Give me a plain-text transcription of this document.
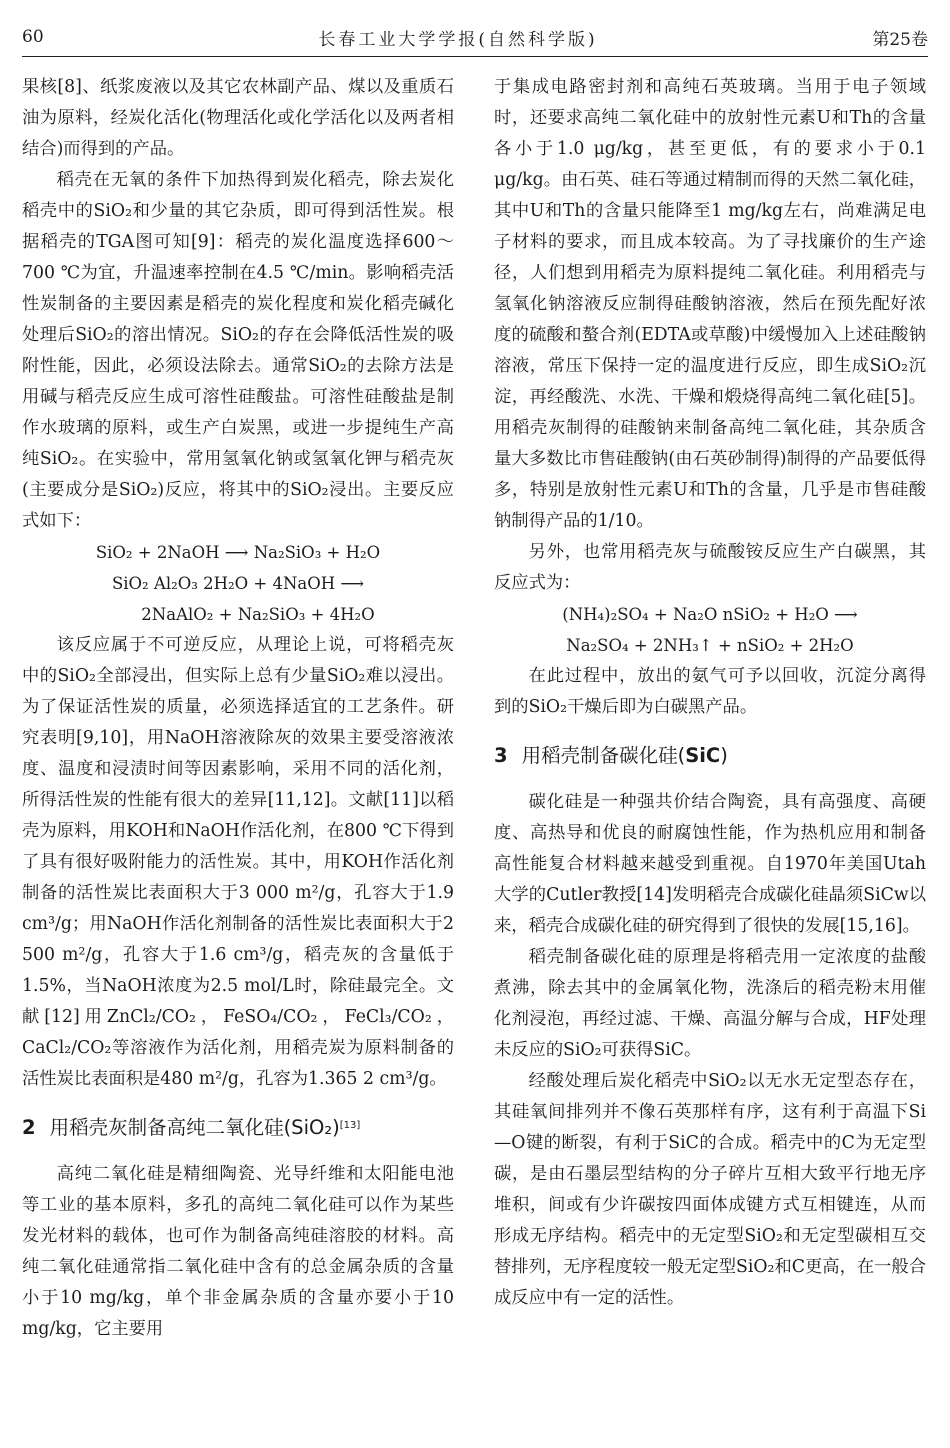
60	长春工业大学学报(自然科学版)	第25卷

果核[8]、纸浆废液以及其它农林副产品、煤以及重质石油为原料，经炭化活化(物理活化或化学活化以及两者相结合)而得到的产品。

稻壳在无氧的条件下加热得到炭化稻壳，除去炭化稻壳中的SiO₂和少量的其它杂质，即可得到活性炭。根据稻壳的TGA图可知[9]：稻壳的炭化温度选择600～700 ℃为宜，升温速率控制在4.5 ℃/min。影响稻壳活性炭制备的主要因素是稻壳的炭化程度和炭化稻壳碱化处理后SiO₂的溶出情况。SiO₂的存在会降低活性炭的吸附性能，因此，必须设法除去。通常SiO₂的去除方法是用碱与稻壳反应生成可溶性硅酸盐。可溶性硅酸盐是制作水玻璃的原料，或生产白炭黑，或进一步提纯生产高纯SiO₂。在实验中，常用氢氧化钠或氢氧化钾与稻壳灰(主要成分是SiO₂)反应，将其中的SiO₂浸出。主要反应式如下：

SiO₂ + 2NaOH ⟶ Na₂SiO₃ + H₂O

SiO₂ Al₂O₃ 2H₂O + 4NaOH ⟶

2NaAlO₂ + Na₂SiO₃ + 4H₂O

该反应属于不可逆反应，从理论上说，可将稻壳灰中的SiO₂全部浸出，但实际上总有少量SiO₂难以浸出。为了保证活性炭的质量，必须选择适宜的工艺条件。研究表明[9,10]，用NaOH溶液除灰的效果主要受溶液浓度、温度和浸渍时间等因素影响，采用不同的活化剂，所得活性炭的性能有很大的差异[11,12]。文献[11]以稻壳为原料，用KOH和NaOH作活化剂，在800 ℃下得到了具有很好吸附能力的活性炭。其中，用KOH作活化剂制备的活性炭比表面积大于3 000 m²/g，孔容大于1.9 cm³/g；用NaOH作活化剂制备的活性炭比表面积大于2 500 m²/g，孔容大于1.6 cm³/g，稻壳灰的含量低于1.5%，当NaOH浓度为2.5 mol/L时，除硅最完全。文献[12]用ZnCl₂/CO₂，FeSO₄/CO₂，FeCl₃/CO₂，CaCl₂/CO₂等溶液作为活化剂，用稻壳炭为原料制备的活性炭比表面积是480 m²/g，孔容为1.365 2 cm³/g。

2 用稻壳灰制备高纯二氧化硅(SiO₂)[13]

高纯二氧化硅是精细陶瓷、光导纤维和太阳能电池等工业的基本原料，多孔的高纯二氧化硅可以作为某些发光材料的载体，也可作为制备高纯硅溶胶的材料。高纯二氧化硅通常指二氧化硅中含有的总金属杂质的含量小于10 mg/kg，单个非金属杂质的含量亦要小于10 mg/kg，它主要用

于集成电路密封剂和高纯石英玻璃。当用于电子领域时，还要求高纯二氧化硅中的放射性元素U和Th的含量各小于1.0 μg/kg，甚至更低，有的要求小于0.1 μg/kg。由石英、硅石等通过精制而得的天然二氧化硅，其中U和Th的含量只能降至1 mg/kg左右，尚难满足电子材料的要求，而且成本较高。为了寻找廉价的生产途径，人们想到用稻壳为原料提纯二氧化硅。利用稻壳与氢氧化钠溶液反应制得硅酸钠溶液，然后在预先配好浓度的硫酸和螯合剂(EDTA或草酸)中缓慢加入上述硅酸钠溶液，常压下保持一定的温度进行反应，即生成SiO₂沉淀，再经酸洗、水洗、干燥和煅烧得高纯二氧化硅[5]。用稻壳灰制得的硅酸钠来制备高纯二氧化硅，其杂质含量大多数比市售硅酸钠(由石英砂制得)制得的产品要低得多，特别是放射性元素U和Th的含量，几乎是市售硅酸钠制得产品的1/10。

另外，也常用稻壳灰与硫酸铵反应生产白碳黑，其反应式为：

(NH₄)₂SO₄ + Na₂O nSiO₂ + H₂O ⟶

Na₂SO₄ + 2NH₃↑ + nSiO₂ + 2H₂O

在此过程中，放出的氨气可予以回收，沉淀分离得到的SiO₂干燥后即为白碳黑产品。

3 用稻壳制备碳化硅(SiC)

碳化硅是一种强共价结合陶瓷，具有高强度、高硬度、高热导和优良的耐腐蚀性能，作为热机应用和制备高性能复合材料越来越受到重视。自1970年美国Utah大学的Cutler教授[14]发明稻壳合成碳化硅晶须SiCw以来，稻壳合成碳化硅的研究得到了很快的发展[15,16]。

稻壳制备碳化硅的原理是将稻壳用一定浓度的盐酸煮沸，除去其中的金属氧化物，洗涤后的稻壳粉末用催化剂浸泡，再经过滤、干燥、高温分解与合成，HF处理未反应的SiO₂可获得SiC。

经酸处理后炭化稻壳中SiO₂以无水无定型态存在，其硅氧间排列并不像石英那样有序，这有利于高温下Si—O键的断裂，有利于SiC的合成。稻壳中的C为无定型碳，是由石墨层型结构的分子碎片互相大致平行地无序堆积，间或有少许碳按四面体成键方式互相键连，从而形成无序结构。稻壳中的无定型SiO₂和无定型碳相互交替排列，无序程度较一般无定型SiO₂和C更高，在一般合成反应中有一定的活性。
